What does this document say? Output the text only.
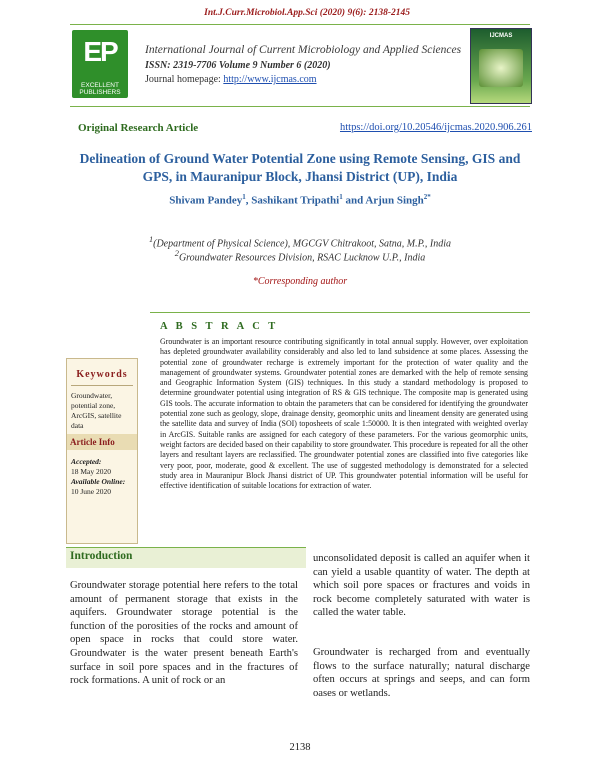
Int.J.Curr.Microbiol.App.Sci (2020) 9(6): 2138-2145
EP
EXCELLENT PUBLISHERS
International Journal of Current Microbiology and Applied Sciences
ISSN: 2319-7706 Volume 9 Number 6 (2020)
Journal homepage: http://www.ijcmas.com
IJCMAS
Original Research Article	https://doi.org/10.20546/ijcmas.2020.906.261
Delineation of Ground Water Potential Zone using Remote Sensing, GIS and GPS, in Mauranipur Block, Jhansi District (UP), India
Shivam Pandey$^1$, Sashikant Tripathi$^1$ and Arjun Singh$^{2*}$
$^1$(Department of Physical Science), MGCGV Chitrakoot, Satna, M.P., India
$^2$Groundwater Resources Division, RSAC Lucknow U.P., India
*Corresponding author
A B S T R A C T
Keywords
Groundwater, potential zone, ArcGIS, satellite data
Article Info
Accepted:
18 May 2020
Available Online:
10 June 2020
Groundwater is an important resource contributing significantly in total annual supply. However, over exploitation has depleted groundwater availability considerably and also led to land subsidence at some places. Assessing the potential zone of groundwater recharge is extremely important for the protection of water quality and the management of groundwater systems. Groundwater potential zones are demarked with the help of remote sensing and Geographic Information System (GIS) techniques. In this study a standard methodology is proposed to determine groundwater potential using integration of RS & GIS technique. The composite map is generated using GIS tools. The accurate information to obtain the parameters that can be considered for identifying the groundwater potential zone such as geology, slope, drainage density, geomorphic units and lineament density are generated using the satellite data and survey of India (SOI) toposheets of scale 1:50000. It is then integrated with weighted overlay in ArcGIS. Suitable ranks are assigned for each category of these parameters. For the various geomorphic units, weight factors are decided based on their capability to store groundwater. This procedure is repeated for all the other layers and resultant layers are reclassified. The groundwater potential zones are classified into five categories like very poor, poor, moderate, good & excellent. The use of suggested methodology is demonstrated for a selected study area in Mauranipur Block Jhansi district of UP. This groundwater potential information will be useful for effective identification of suitable locations for extraction of water.
Introduction
Groundwater storage potential here refers to the total amount of permanent storage that exists in the aquifers. Groundwater storage potential is the function of the porosities of the rocks and amount of open space in rocks that could store water. Groundwater is the water present beneath Earth's surface in soil pore spaces and in the fractures of rock formations. A unit of rock or an
unconsolidated deposit is called an aquifer when it can yield a usable quantity of water. The depth at which soil pore spaces or fractures and voids in rock become completely saturated with water is called the water table.
Groundwater is recharged from and eventually flows to the surface naturally; natural discharge often occurs at springs and seeps, and can form oases or wetlands.
2138
